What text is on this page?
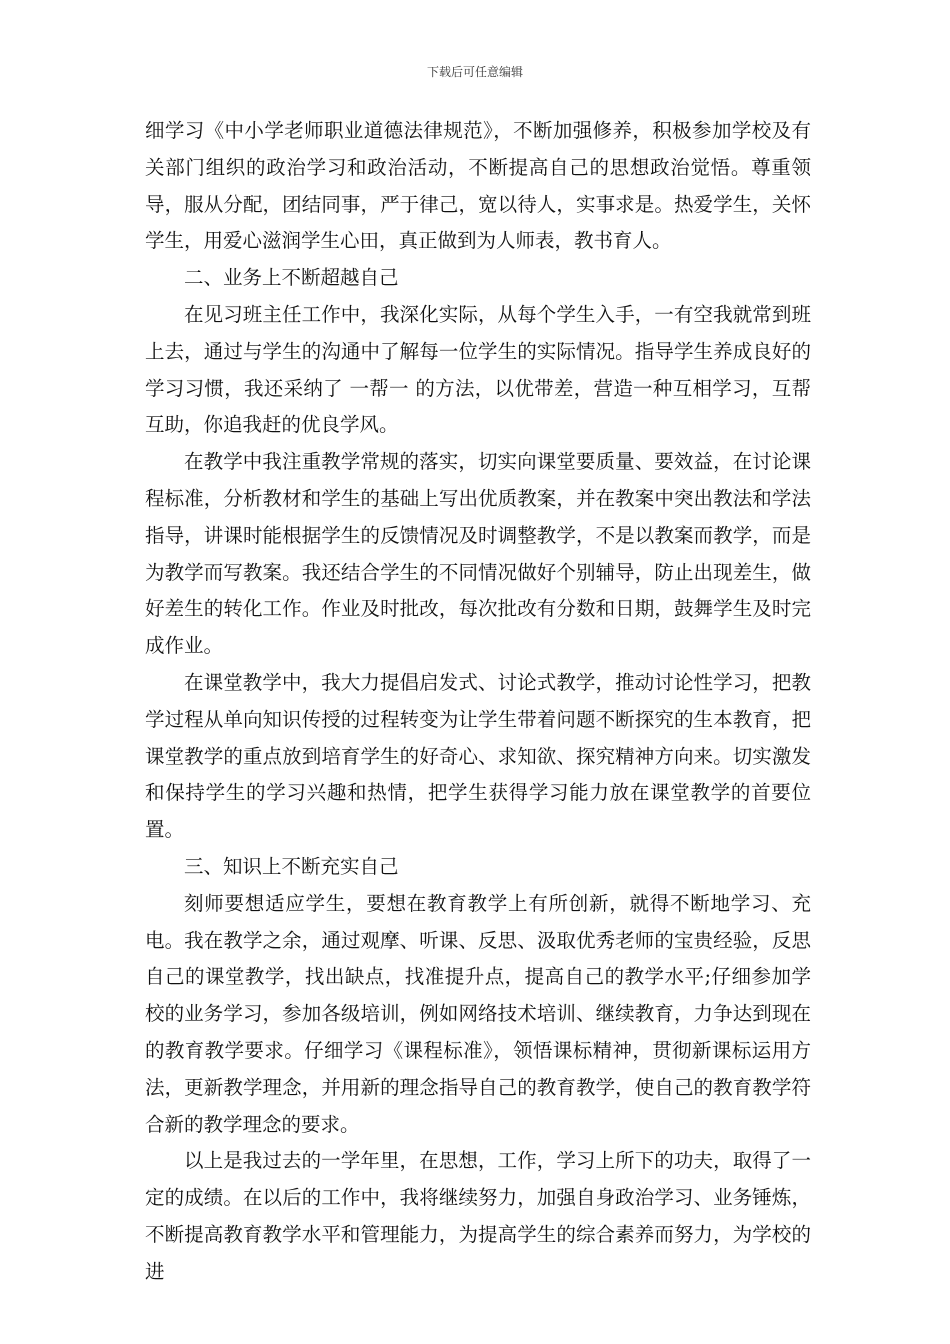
下载后可任意编辑

细学习《中小学老师职业道德法律规范》，不断加强修养，积极参加学校及有关部门组织的政治学习和政治活动，不断提高自己的思想政治觉悟。尊重领导，服从分配，团结同事，严于律己，宽以待人，实事求是。热爱学生，关怀学生，用爱心滋润学生心田，真正做到为人师表，教书育人。

二、业务上不断超越自己

在见习班主任工作中，我深化实际，从每个学生入手，一有空我就常到班上去，通过与学生的沟通中了解每一位学生的实际情况。指导学生养成良好的学习习惯，我还采纳了 一帮一 的方法，以优带差，营造一种互相学习，互帮互助，你追我赶的优良学风。

在教学中我注重教学常规的落实，切实向课堂要质量、要效益，在讨论课程标准，分析教材和学生的基础上写出优质教案，并在教案中突出教法和学法指导，讲课时能根据学生的反馈情况及时调整教学，不是以教案而教学，而是为教学而写教案。我还结合学生的不同情况做好个别辅导，防止出现差生，做好差生的转化工作。作业及时批改，每次批改有分数和日期，鼓舞学生及时完成作业。

在课堂教学中，我大力提倡启发式、讨论式教学，推动讨论性学习，把教学过程从单向知识传授的过程转变为让学生带着问题不断探究的生本教育，把课堂教学的重点放到培育学生的好奇心、求知欲、探究精神方向来。切实激发和保持学生的学习兴趣和热情，把学生获得学习能力放在课堂教学的首要位置。

三、知识上不断充实自己

刻师要想适应学生，要想在教育教学上有所创新，就得不断地学习、充电。我在教学之余，通过观摩、听课、反思、汲取优秀老师的宝贵经验，反思自己的课堂教学，找出缺点，找准提升点，提高自己的教学水平;仔细参加学校的业务学习，参加各级培训，例如网络技术培训、继续教育，力争达到现在的教育教学要求。仔细学习《课程标准》，领悟课标精神，贯彻新课标运用方法，更新教学理念，并用新的理念指导自己的教育教学，使自己的教育教学符合新的教学理念的要求。

以上是我过去的一学年里，在思想，工作，学习上所下的功夫，取得了一定的成绩。在以后的工作中，我将继续努力，加强自身政治学习、业务锤炼，不断提高教育教学水平和管理能力，为提高学生的综合素养而努力，为学校的进
